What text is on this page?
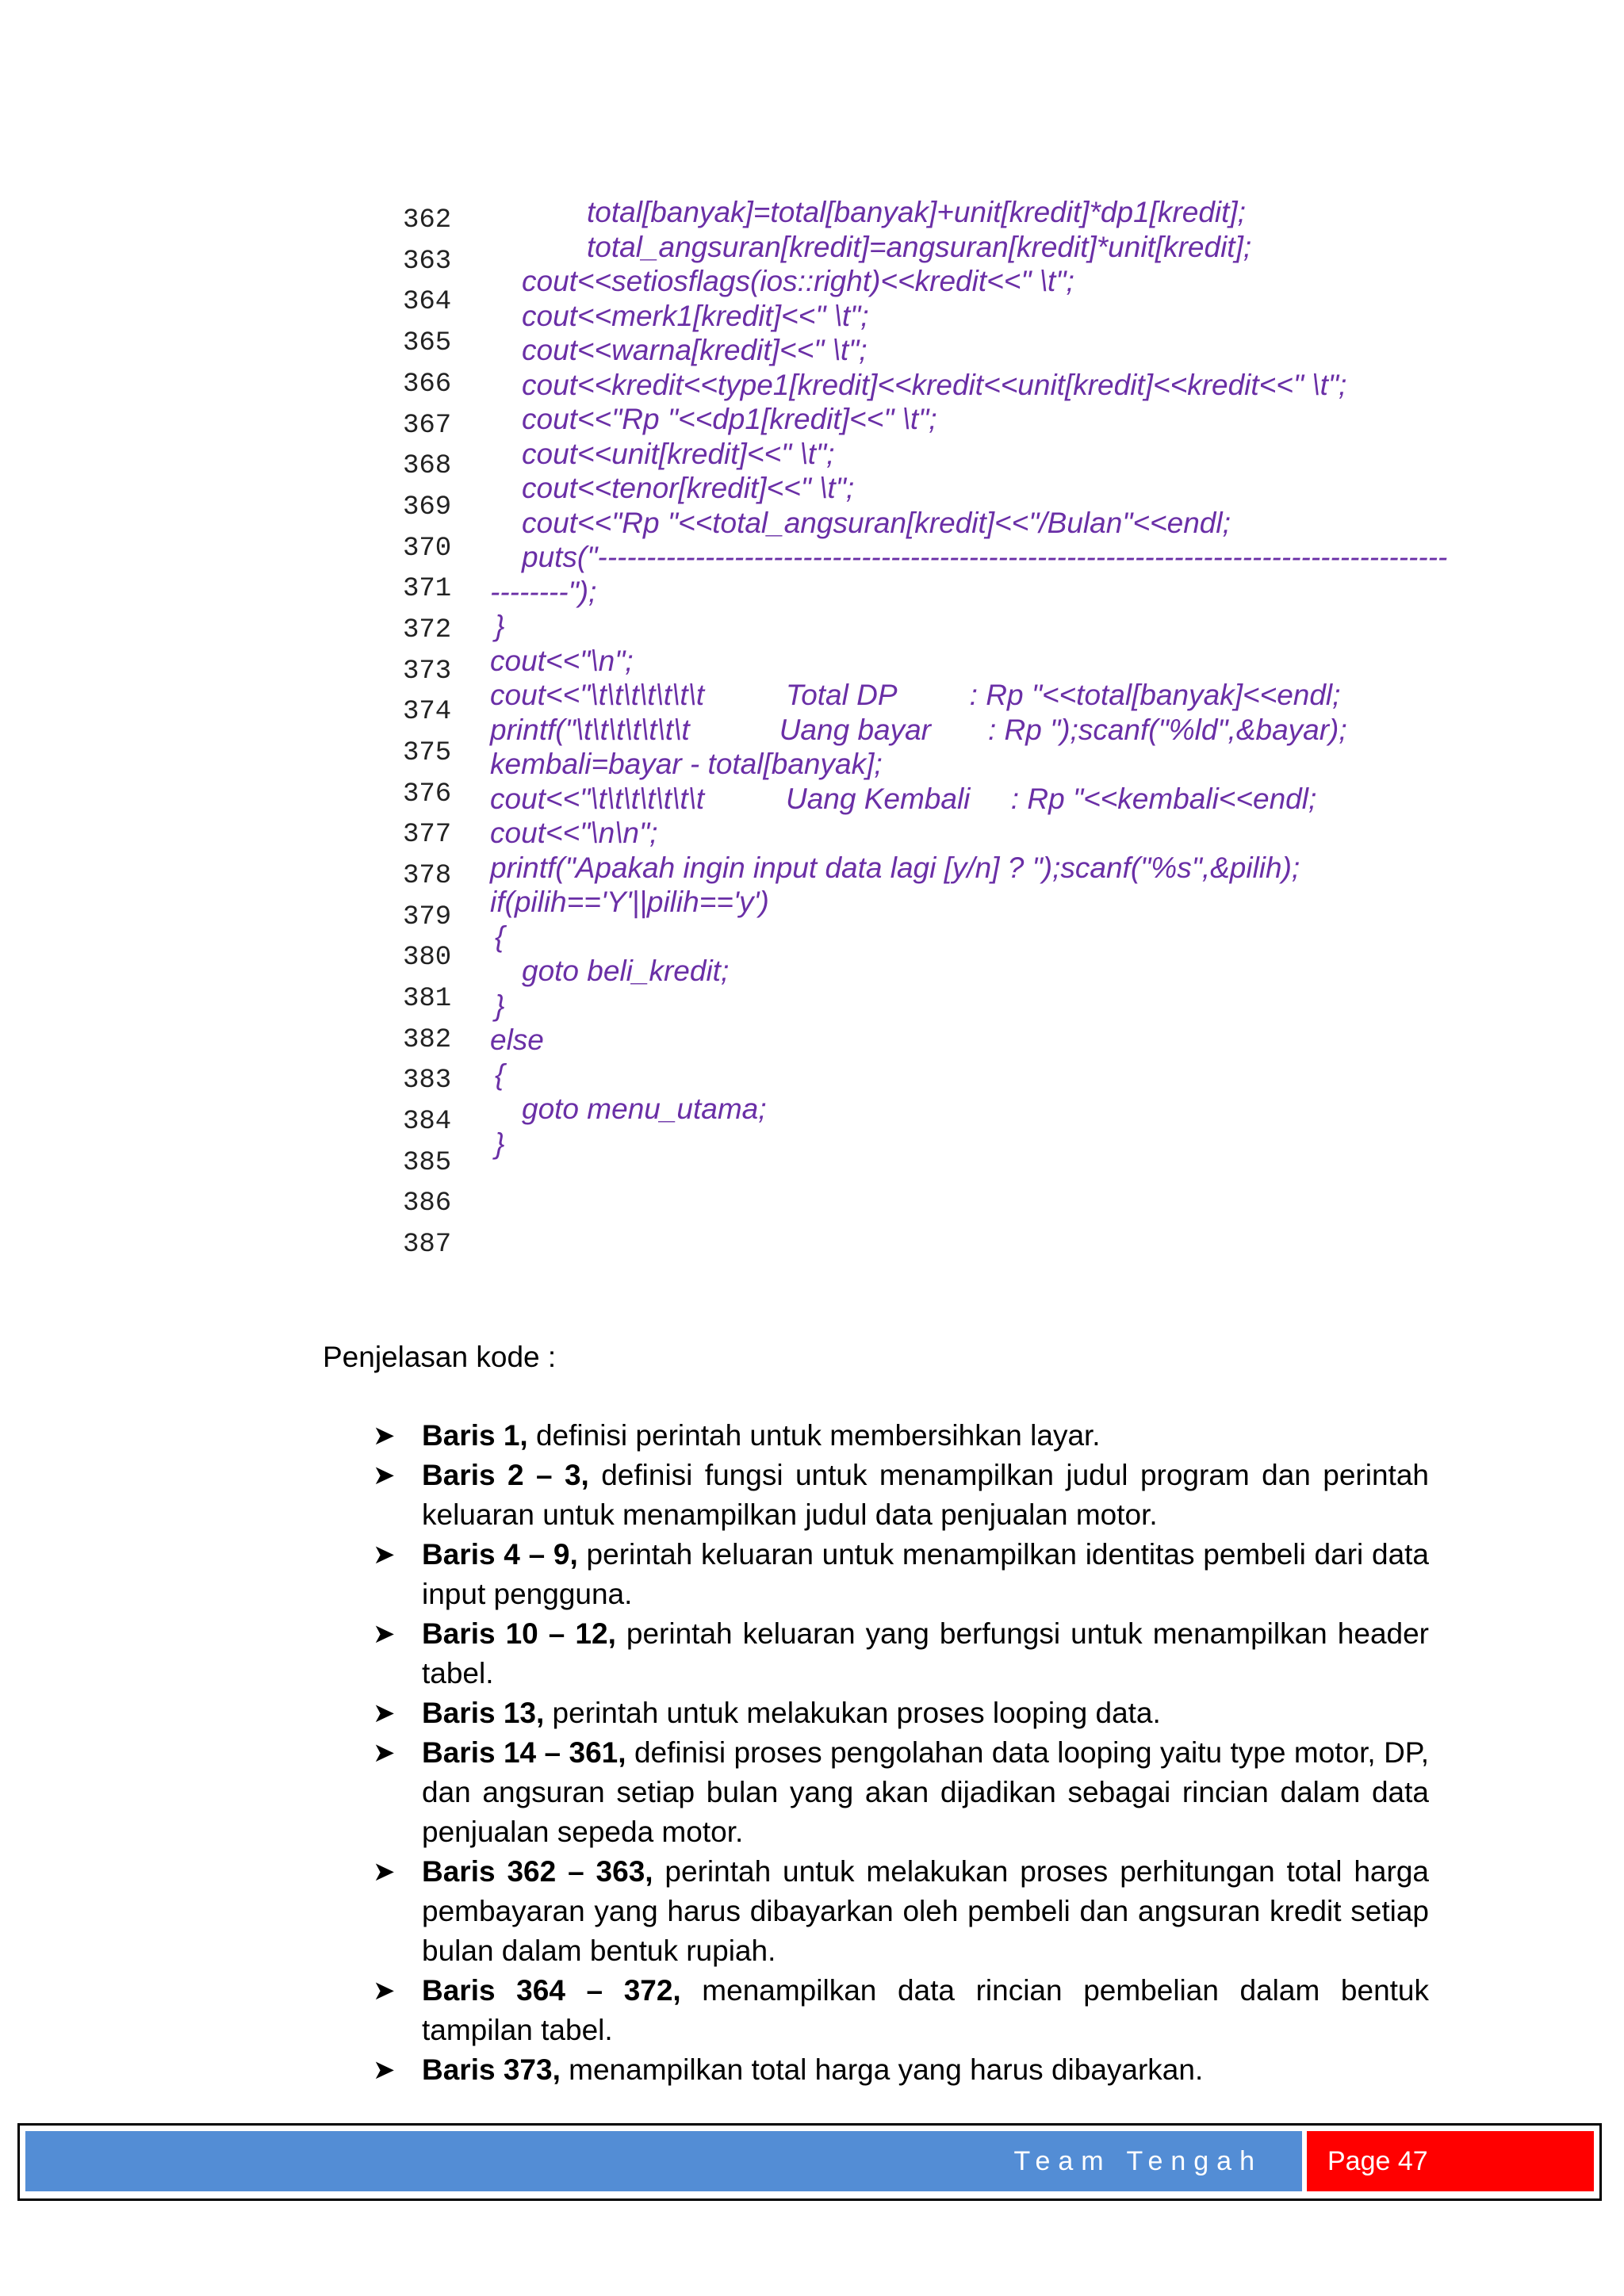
362
363
364
365
366
367
368
369
370
371
372
373
374
375
376
377
378
379
380
381
382
383
384
385
386
387
total[banyak]=total[banyak]+unit[kredit]*dp1[kredit];
total_angsuran[kredit]=angsuran[kredit]*unit[kredit];
cout<<setiosflags(ios::right)<<kredit<<" \t";
cout<<merk1[kredit]<<" \t";
cout<<warna[kredit]<<" \t";
cout<<kredit<<type1[kredit]<<kredit<<unit[kredit]<<kredit<<" \t";
cout<<"Rp "<<dp1[kredit]<<" \t";
cout<<unit[kredit]<<" \t";
cout<<tenor[kredit]<<" \t";
cout<<"Rp "<<total_angsuran[kredit]<<"/Bulan"<<endl;
puts("---------------------------------------------------------------------------------------
--------");
}
cout<<"\n";
cout<<"\t\t\t\t\t\t\t          Total DP         : Rp "<<total[banyak]<<endl;
printf("\t\t\t\t\t\t\t           Uang bayar       : Rp ");scanf("%ld",&bayar);
kembali=bayar - total[banyak];
cout<<"\t\t\t\t\t\t\t          Uang Kembali     : Rp "<<kembali<<endl;
cout<<"\n\n";
printf("Apakah ingin input data lagi [y/n] ? ");scanf("%s",&pilih);
if(pilih=='Y'||pilih=='y')
{
goto beli_kredit;
}
else
{
goto menu_utama;
}
Penjelasan kode :
➤ Baris 1, definisi perintah untuk membersihkan layar.
➤ Baris 2 – 3, definisi fungsi untuk menampilkan judul program dan perintah keluaran untuk menampilkan judul data penjualan motor.
➤ Baris 4 – 9, perintah keluaran untuk menampilkan identitas pembeli dari data input pengguna.
➤ Baris 10 – 12, perintah keluaran yang berfungsi untuk menampilkan header tabel.
➤ Baris 13, perintah untuk melakukan proses looping data.
➤ Baris 14 – 361, definisi proses pengolahan data looping yaitu type motor, DP, dan angsuran setiap bulan yang akan dijadikan sebagai rincian dalam data penjualan sepeda motor.
➤ Baris 362 – 363, perintah untuk melakukan proses perhitungan total harga pembayaran yang harus dibayarkan oleh pembeli dan angsuran kredit setiap bulan dalam bentuk rupiah.
➤ Baris 364 – 372, menampilkan data rincian pembelian dalam bentuk tampilan tabel.
➤ Baris 373, menampilkan total harga yang harus dibayarkan.
Team Tengah Page 47
